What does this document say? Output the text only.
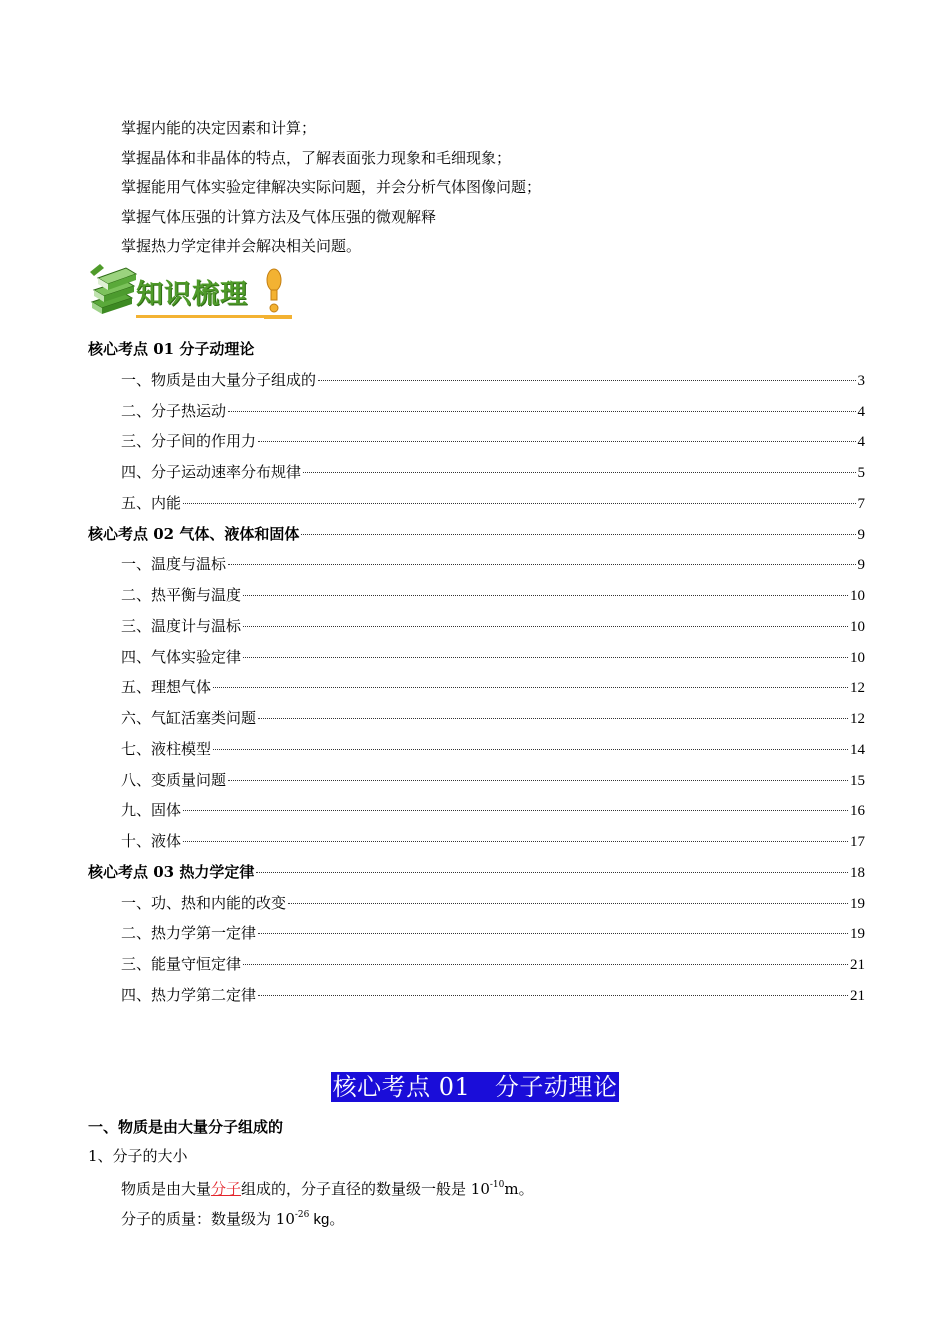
掌握内能的决定因素和计算；
掌握晶体和非晶体的特点，了解表面张力现象和毛细现象；
掌握能用气体实验定律解决实际问题，并会分析气体图像问题；
掌握气体压强的计算方法及气体压强的微观解释
掌握热力学定律并会解决相关问题。
知识梳理
核心考点 01 分子动理论
一、物质是由大量分子组成的	3
二、分子热运动	4
三、分子间的作用力	4
四、分子运动速率分布规律	5
五、内能	7
核心考点 02 气体、液体和固体	9
一、温度与温标	9
二、热平衡与温度	10
三、温度计与温标	10
四、气体实验定律	10
五、理想气体	12
六、气缸活塞类问题	12
七、液柱模型	14
八、变质量问题	15
九、固体	16
十、液体	17
核心考点 03 热力学定律	18
一、功、热和内能的改变	19
二、热力学第一定律	19
三、能量守恒定律	21
四、热力学第二定律	21
核心考点 01　分子动理论
一、物质是由大量分子组成的
1、分子的大小
物质是由大量分子组成的，分子直径的数量级一般是 $10^{-10}m$。
分子的质量：数量级为 $10^{-26}$ kg。
